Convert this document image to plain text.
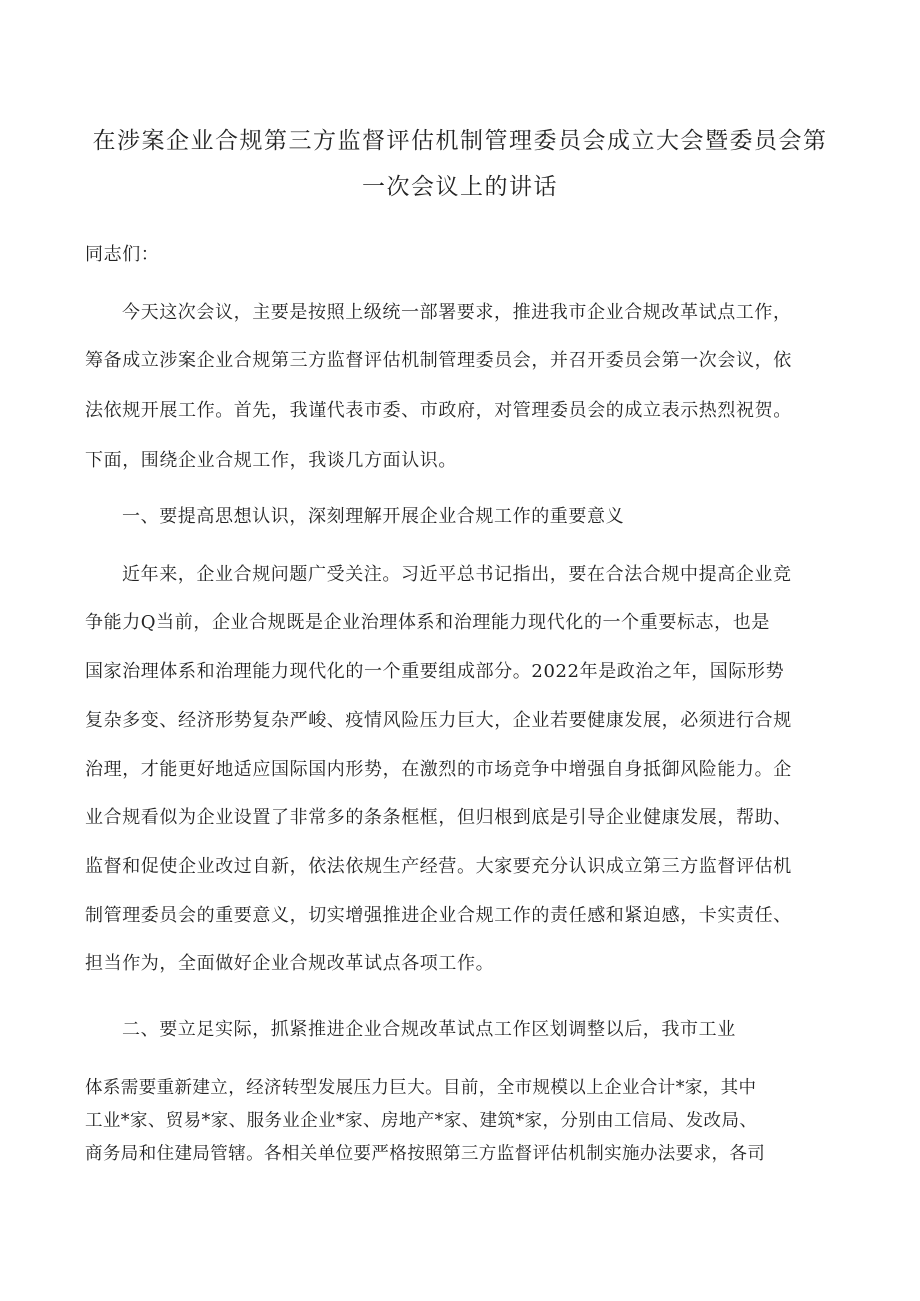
在涉案企业合规第三方监督评估机制管理委员会成立大会暨委员会第
一次会议上的讲话
同志们：
今天这次会议，主要是按照上级统一部署要求，推进我市企业合规改革试点工作，
筹备成立涉案企业合规第三方监督评估机制管理委员会，并召开委员会第一次会议，依
法依规开展工作。首先，我谨代表市委、市政府，对管理委员会的成立表示热烈祝贺。
下面，围绕企业合规工作，我谈几方面认识。
一、要提高思想认识，深刻理解开展企业合规工作的重要意义
近年来，企业合规问题广受关注。习近平总书记指出，要在合法合规中提高企业竞
争能力Q当前，企业合规既是企业治理体系和治理能力现代化的一个重要标志，也是
国家治理体系和治理能力现代化的一个重要组成部分。2022年是政治之年，国际形势
复杂多变、经济形势复杂严峻、疫情风险压力巨大，企业若要健康发展，必须进行合规
治理，才能更好地适应国际国内形势，在激烈的市场竞争中增强自身抵御风险能力。企
业合规看似为企业设置了非常多的条条框框，但归根到底是引导企业健康发展，帮助、
监督和促使企业改过自新，依法依规生产经营。大家要充分认识成立第三方监督评估机
制管理委员会的重要意义，切实增强推进企业合规工作的责任感和紧迫感，卡实责任、
担当作为，全面做好企业合规改革试点各项工作。
二、要立足实际，抓紧推进企业合规改革试点工作区划调整以后，我市工业
体系需要重新建立，经济转型发展压力巨大。目前，全市规模以上企业合计*家，其中
工业*家、贸易*家、服务业企业*家、房地产*家、建筑*家，分别由工信局、发改局、
商务局和住建局管辖。各相关单位要严格按照第三方监督评估机制实施办法要求，各司
